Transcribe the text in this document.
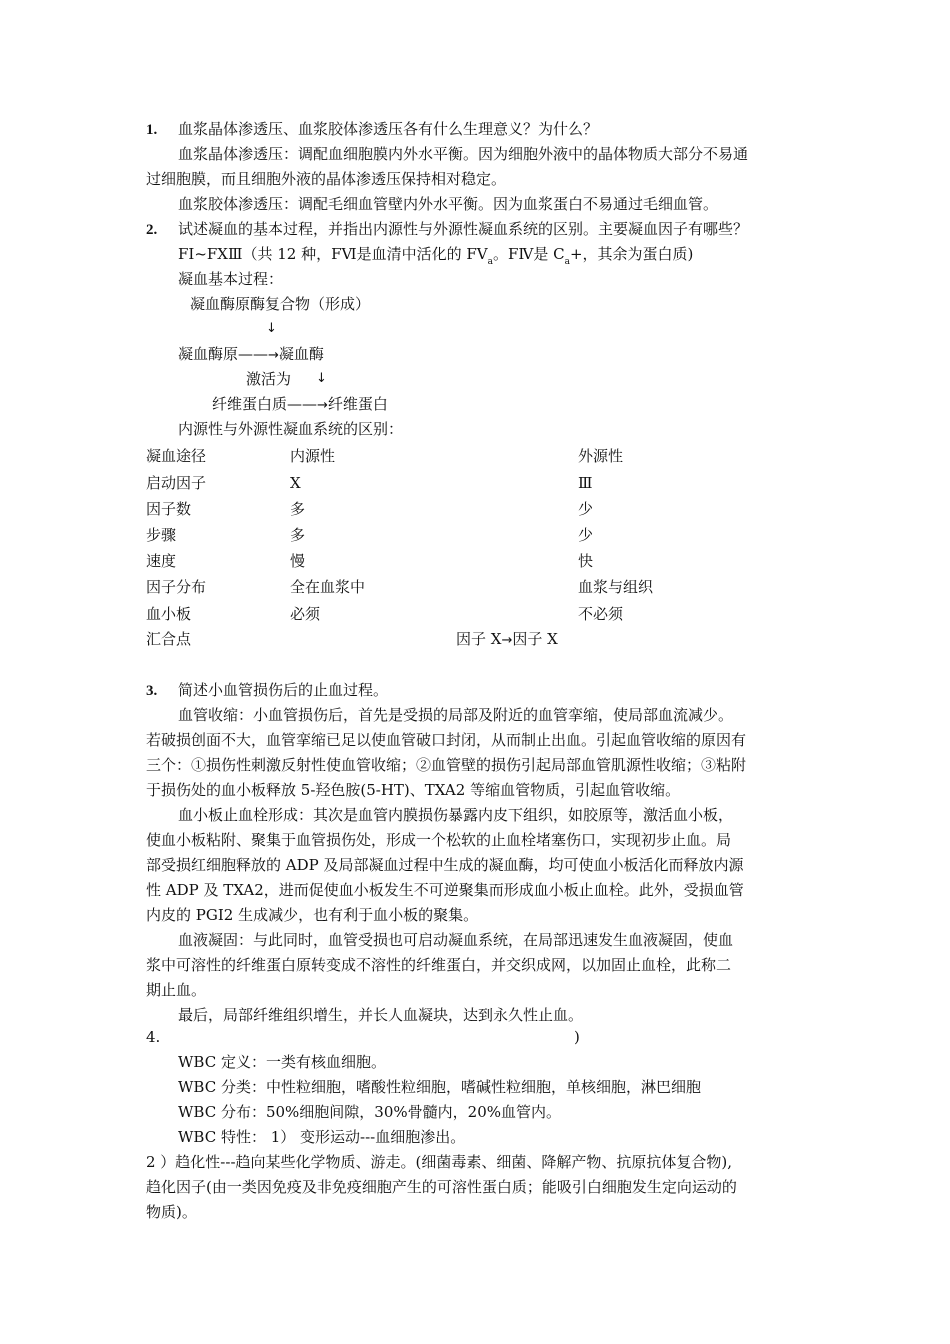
1. 血浆晶体渗透压、血浆胶体渗透压各有什么生理意义？为什么？
血浆晶体渗透压：调配血细胞膜内外水平衡。因为细胞外液中的晶体物质大部分不易通
过细胞膜，而且细胞外液的晶体渗透压保持相对稳定。
血浆胶体渗透压：调配毛细血管壁内外水平衡。因为血浆蛋白不易通过毛细血管。
2. 试述凝血的基本过程，并指出内源性与外源性凝血系统的区别。主要凝血因子有哪些？
FⅠ~FXⅢ（共 12 种，FⅥ是血清中活化的 $FV_a$。FⅣ是 $C_a+$，其余为蛋白质)
凝血基本过程：
凝血酶原酶复合物（形成）
↓
凝血酶原——→凝血酶
激活为 ↓
纤维蛋白质——→纤维蛋白
内源性与外源性凝血系统的区别：
凝血途径	内源性	外源性
启动因子	X	Ⅲ
因子数	多	少
步骤	多	少
速度	慢	快
因子分布	全在血浆中	血浆与组织
血小板	必须	不必须
汇合点	因子 X→因子 X
3. 简述小血管损伤后的止血过程。
血管收缩：小血管损伤后，首先是受损的局部及附近的血管挛缩，使局部血流减少。
若破损创面不大，血管挛缩已足以使血管破口封闭，从而制止出血。引起血管收缩的原因有
三个：①损伤性刺激反射性使血管收缩；②血管壁的损伤引起局部血管肌源性收缩；③粘附
于损伤处的血小板释放 5-羟色胺(5-HT)、TXA2 等缩血管物质，引起血管收缩。
血小板止血栓形成：其次是血管内膜损伤暴露内皮下组织，如胶原等，激活血小板，
使血小板粘附、聚集于血管损伤处，形成一个松软的止血栓堵塞伤口，实现初步止血。局
部受损红细胞释放的 ADP 及局部凝血过程中生成的凝血酶，均可使血小板活化而释放内源
性 ADP 及 TXA2，进而促使血小板发生不可逆聚集而形成血小板止血栓。此外，受损血管
内皮的 PGI2 生成减少，也有利于血小板的聚集。
血液凝固：与此同时，血管受损也可启动凝血系统，在局部迅速发生血液凝固，使血
浆中可溶性的纤维蛋白原转变成不溶性的纤维蛋白，并交织成网，以加固止血栓，此称二
期止血。
最后，局部纤维组织增生，并长人血凝块，达到永久性止血。
4.	)
WBC 定义：一类有核血细胞。
WBC 分类：中性粒细胞，嗜酸性粒细胞，嗜碱性粒细胞，单核细胞，淋巴细胞
WBC 分布：50%细胞间隙，30%骨髓内，20%血管内。
WBC 特性： 1） 变形运动---血细胞渗出。
2 ）趋化性---趋向某些化学物质、游走。(细菌毒素、细菌、降解产物、抗原抗体复合物),
趋化因子(由一类因免疫及非免疫细胞产生的可溶性蛋白质；能吸引白细胞发生定向运动的
物质)。
